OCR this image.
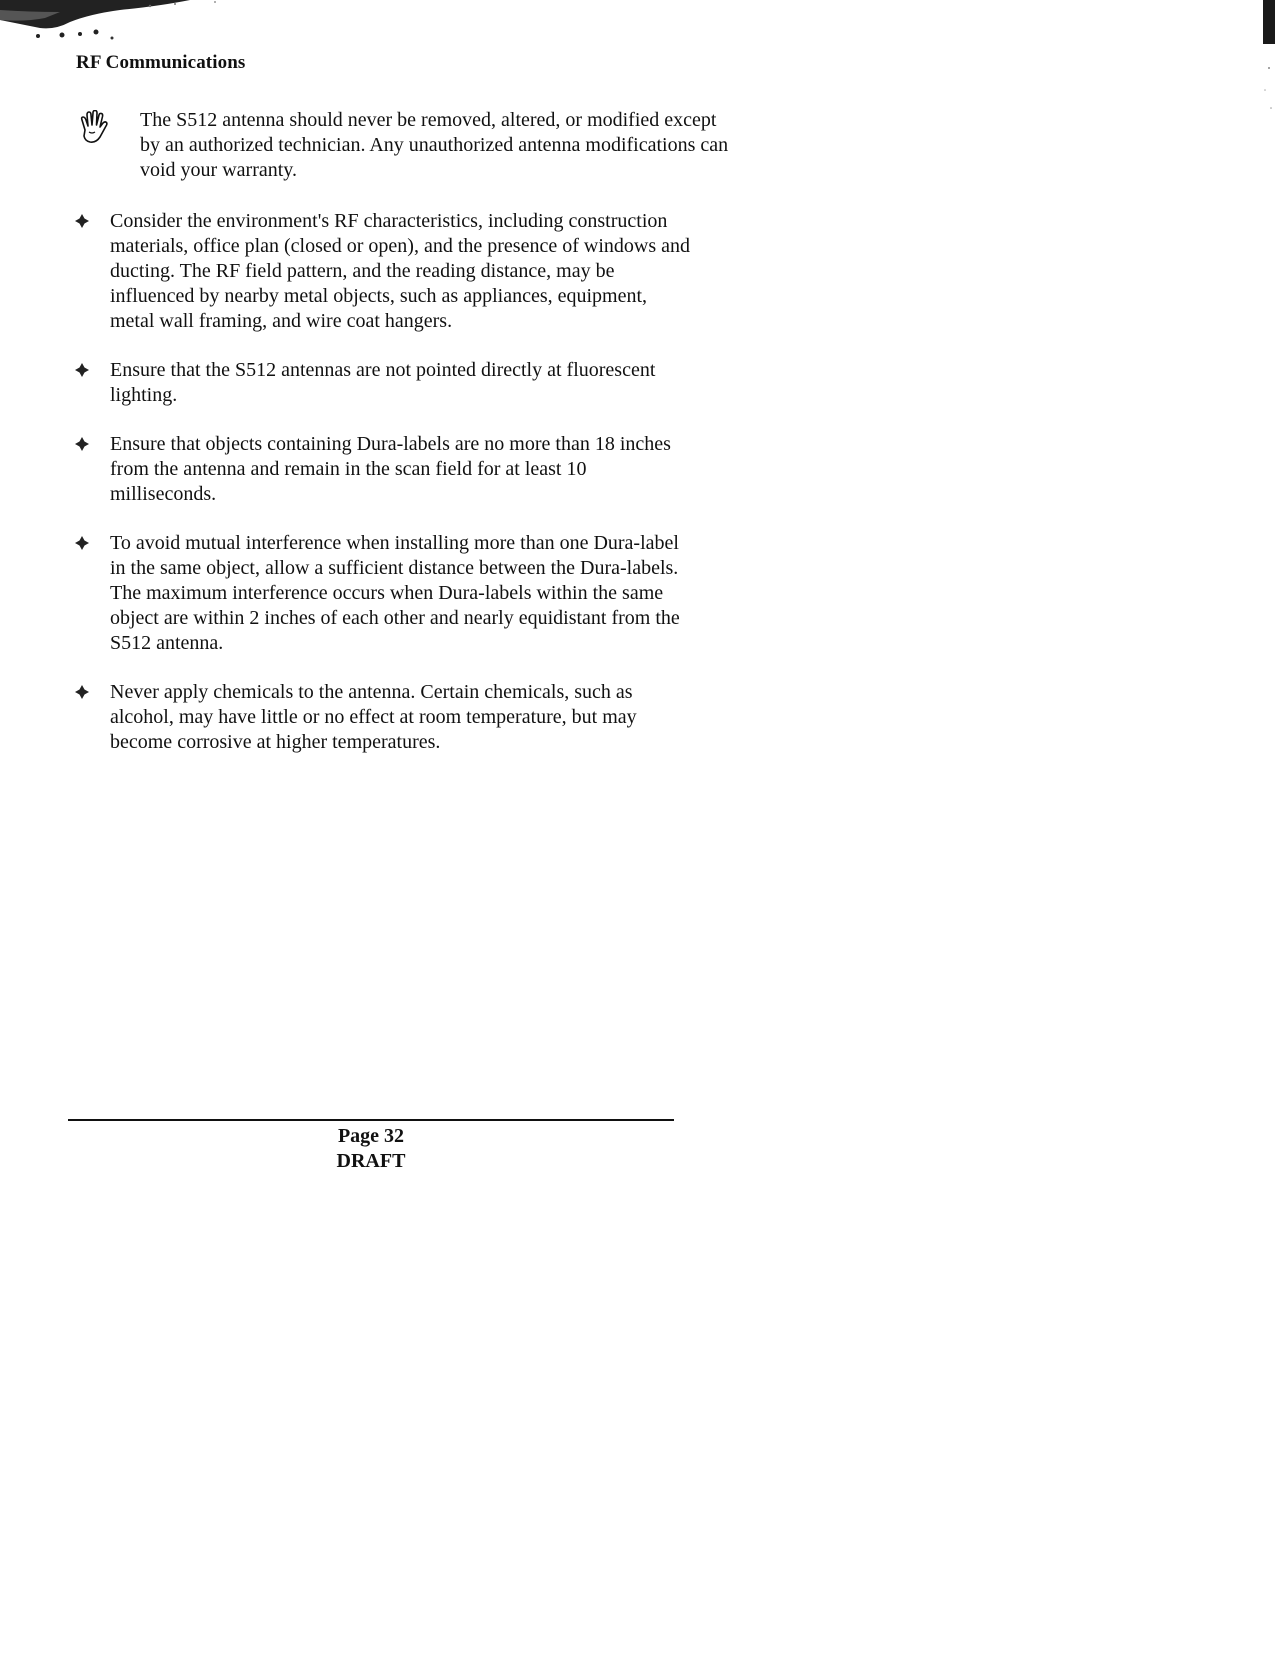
RF Communications
The S512 antenna should never be removed, altered, or modified except by an authorized technician. Any unauthorized antenna modifications can void your warranty.
Consider the environment's RF characteristics, including construction materials, office plan (closed or open), and the presence of windows and ducting. The RF field pattern, and the reading distance, may be influenced by nearby metal objects, such as appliances, equipment, metal wall framing, and wire coat hangers.
Ensure that the S512 antennas are not pointed directly at fluorescent lighting.
Ensure that objects containing Dura-labels are no more than 18 inches from the antenna and remain in the scan field for at least 10 milliseconds.
To avoid mutual interference when installing more than one Dura-label in the same object, allow a sufficient distance between the Dura-labels. The maximum interference occurs when Dura-labels within the same object are within 2 inches of each other and nearly equidistant from the S512 antenna.
Never apply chemicals to the antenna. Certain chemicals, such as alcohol, may have little or no effect at room temperature, but may become corrosive at higher temperatures.
Page 32
DRAFT
